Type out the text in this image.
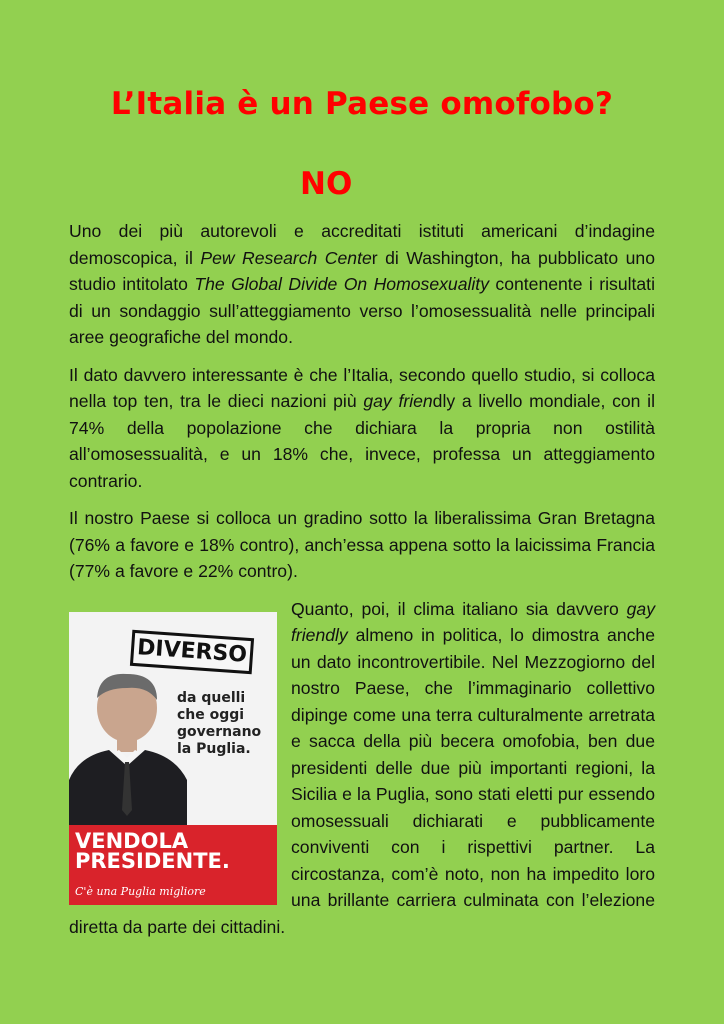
L’Italia è un Paese omofobo?
NO

Uno dei più autorevoli e accreditati istituti americani d’indagine demoscopica, il Pew Research Center di Washington, ha pubblicato uno studio intitolato The Global Divide On Homosexuality contenente i risultati di un sondaggio sull’atteggiamento verso l’omosessualità nelle principali aree geografiche del mondo.

Il dato davvero interessante è che l’Italia, secondo quello studio, si colloca nella top ten, tra le dieci nazioni più gay friendly a livello mondiale, con il 74% della popolazione che dichiara la propria non ostilità all’omosessualità, e un 18% che, invece, professa un atteggiamento contrario.

Il nostro Paese si colloca un gradino sotto la liberalissima Gran Bretagna (76% a favore e 18% contro), anch’essa appena sotto la laicissima Francia (77% a favore e 22% contro).

DIVERSO
da quelli che oggi governano la Puglia.
VENDOLA
PRESIDENTE.
C'è una Puglia migliore
Quanto, poi, il clima italiano sia davvero gay friendly almeno in politica, lo dimostra anche un dato incontrovertibile. Nel Mezzogiorno del nostro Paese, che l’immaginario collettivo dipinge come una terra culturalmente arretrata e sacca della più becera omofobia, ben due presidenti delle due più importanti regioni, la Sicilia e la Puglia, sono stati eletti pur essendo omosessuali dichiarati e pubblicamente conviventi con i rispettivi partner. La circostanza, com’è noto, non ha impedito loro una brillante carriera culminata con l’elezione diretta da parte dei cittadini.
